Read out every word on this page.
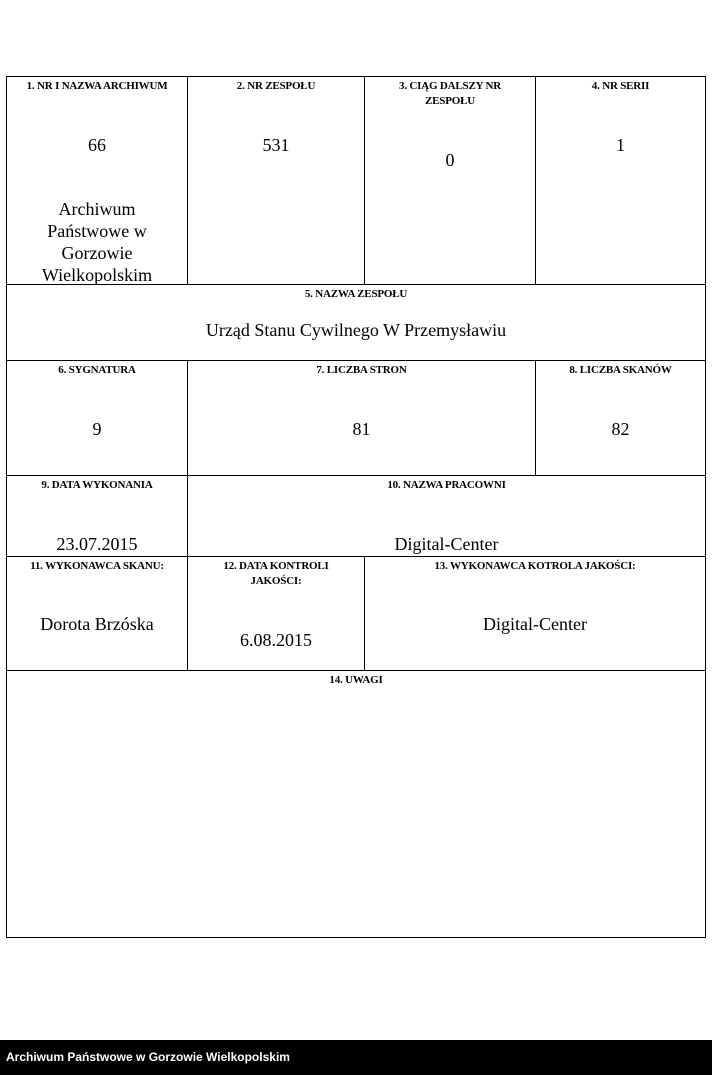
1. NR I NAZWA ARCHIWUM
66
Archiwum Państwowe w Gorzowie Wielkopolskim
2. NR ZESPOŁU
531
3. CIĄG DALSZY NR ZESPOŁU
0
4. NR SERII
1
5. NAZWA ZESPOŁU
Urząd Stanu Cywilnego W Przemysławiu
6. SYGNATURA
9
7. LICZBA STRON
81
8. LICZBA SKANÓW
82
9. DATA WYKONANIA
23.07.2015
10. NAZWA PRACOWNI
Digital-Center
11. WYKONAWCA SKANU:
Dorota Brzóska
12. DATA KONTROLI JAKOŚCI:
6.08.2015
13. WYKONAWCA KOTROLA JAKOŚCI:
Digital-Center
14. UWAGI
Archiwum Państwowe w Gorzowie Wielkopolskim
